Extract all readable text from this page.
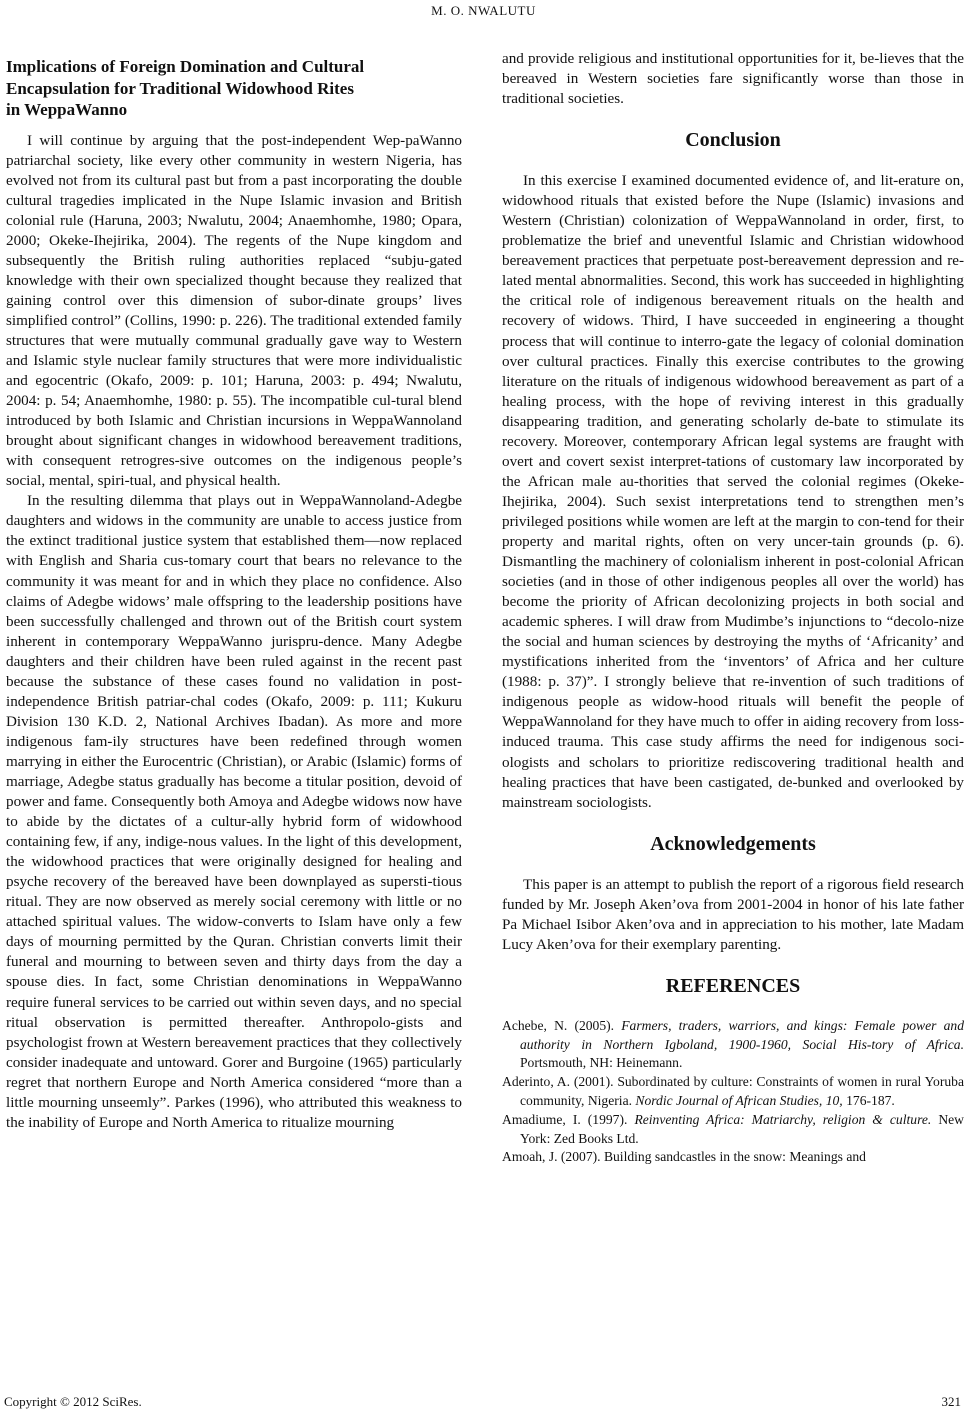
M. O. NWALUTU
Implications of Foreign Domination and Cultural
Encapsulation for Traditional Widowhood Rites
in WeppaWanno

I will continue by arguing that the post-independent Wep-paWanno patriarchal society, like every other community in western Nigeria, has evolved not from its cultural past but from a past incorporating the double cultural tragedies implicated in the Nupe Islamic invasion and British colonial rule (Haruna, 2003; Nwalutu, 2004; Anaemhomhe, 1980; Opara, 2000; Okeke-Ihejirika, 2004). The regents of the Nupe kingdom and subsequently the British ruling authorities replaced “subju-gated knowledge with their own specialized thought because they realized that gaining control over this dimension of subor-dinate groups’ lives simplified control” (Collins, 1990: p. 226). The traditional extended family structures that were mutually communal gradually gave way to Western and Islamic style nuclear family structures that were more individualistic and egocentric (Okafo, 2009: p. 101; Haruna, 2003: p. 494; Nwalutu, 2004: p. 54; Anaemhomhe, 1980: p. 55). The incompatible cul-tural blend introduced by both Islamic and Christian incursions in WeppaWannoland brought about significant changes in widowhood bereavement traditions, with consequent retrogres-sive outcomes on the indigenous people’s social, mental, spiri-tual, and physical health.

In the resulting dilemma that plays out in WeppaWannoland-Adegbe daughters and widows in the community are unable to access justice from the extinct traditional justice system that established them—now replaced with English and Sharia cus-tomary court that bears no relevance to the community it was meant for and in which they place no confidence. Also claims of Adegbe widows’ male offspring to the leadership positions have been successfully challenged and thrown out of the British court system inherent in contemporary WeppaWanno jurispru-dence. Many Adegbe daughters and their children have been ruled against in the recent past because the substance of these cases found no validation in post-independence British patriar-chal codes (Okafo, 2009: p. 111; Kukuru Division 130 K.D. 2, National Archives Ibadan). As more and more indigenous fam-ily structures have been redefined through women marrying in either the Eurocentric (Christian), or Arabic (Islamic) forms of marriage, Adegbe status gradually has become a titular position, devoid of power and fame. Consequently both Amoya and Adegbe widows now have to abide by the dictates of a cultur-ally hybrid form of widowhood containing few, if any, indige-nous values. In the light of this development, the widowhood practices that were originally designed for healing and psyche recovery of the bereaved have been downplayed as supersti-tious ritual. They are now observed as merely social ceremony with little or no attached spiritual values. The widow-converts to Islam have only a few days of mourning permitted by the Quran. Christian converts limit their funeral and mourning to between seven and thirty days from the day a spouse dies. In fact, some Christian denominations in WeppaWanno require funeral services to be carried out within seven days, and no special ritual observation is permitted thereafter. Anthropolo-gists and psychologist frown at Western bereavement practices that they collectively consider inadequate and untoward. Gorer and Burgoine (1965) particularly regret that northern Europe and North America considered “more than a little mourning unseemly”. Parkes (1996), who attributed this weakness to the inability of Europe and North America to ritualize mourning

and provide religious and institutional opportunities for it, be-lieves that the bereaved in Western societies fare significantly worse than those in traditional societies.

Conclusion

In this exercise I examined documented evidence of, and lit-erature on, widowhood rituals that existed before the Nupe (Islamic) invasions and Western (Christian) colonization of WeppaWannoland in order, first, to problematize the brief and uneventful Islamic and Christian widowhood bereavement practices that perpetuate post-bereavement depression and re-lated mental abnormalities. Second, this work has succeeded in highlighting the critical role of indigenous bereavement rituals on the health and recovery of widows. Third, I have succeeded in engineering a thought process that will continue to interro-gate the legacy of colonial domination over cultural practices. Finally this exercise contributes to the growing literature on the rituals of indigenous widowhood bereavement as part of a healing process, with the hope of reviving interest in this gradually disappearing tradition, and generating scholarly de-bate to stimulate its recovery. Moreover, contemporary African legal systems are fraught with overt and covert sexist interpret-tations of customary law incorporated by the African male au-thorities that served the colonial regimes (Okeke-Ihejirika, 2004). Such sexist interpretations tend to strengthen men’s privileged positions while women are left at the margin to con-tend for their property and marital rights, often on very uncer-tain grounds (p. 6). Dismantling the machinery of colonialism inherent in post-colonial African societies (and in those of other indigenous peoples all over the world) has become the priority of African decolonizing projects in both social and academic spheres. I will draw from Mudimbe’s injunctions to “decolo-nize the social and human sciences by destroying the myths of ‘Africanity’ and mystifications inherited from the ‘inventors’ of Africa and her culture (1988: p. 37)”. I strongly believe that re-invention of such traditions of indigenous people as widow-hood rituals will benefit the people of WeppaWannoland for they have much to offer in aiding recovery from loss-induced trauma. This case study affirms the need for indigenous soci-ologists and scholars to prioritize rediscovering traditional health and healing practices that have been castigated, de-bunked and overlooked by mainstream sociologists.

Acknowledgements

This paper is an attempt to publish the report of a rigorous field research funded by Mr. Joseph Aken’ova from 2001-2004 in honor of his late father Pa Michael Isibor Aken’ova and in appreciation to his mother, late Madam Lucy Aken’ova for their exemplary parenting.

REFERENCES
Achebe, N. (2005). Farmers, traders, warriors, and kings: Female power and authority in Northern Igboland, 1900-1960, Social His-tory of Africa. Portsmouth, NH: Heinemann.
Aderinto, A. (2001). Subordinated by culture: Constraints of women in rural Yoruba community, Nigeria. Nordic Journal of African Studies, 10, 176-187.
Amadiume, I. (1997). Reinventing Africa: Matriarchy, religion & culture. New York: Zed Books Ltd.
Amoah, J. (2007). Building sandcastles in the snow: Meanings and
Copyright © 2012 SciRes.	321
